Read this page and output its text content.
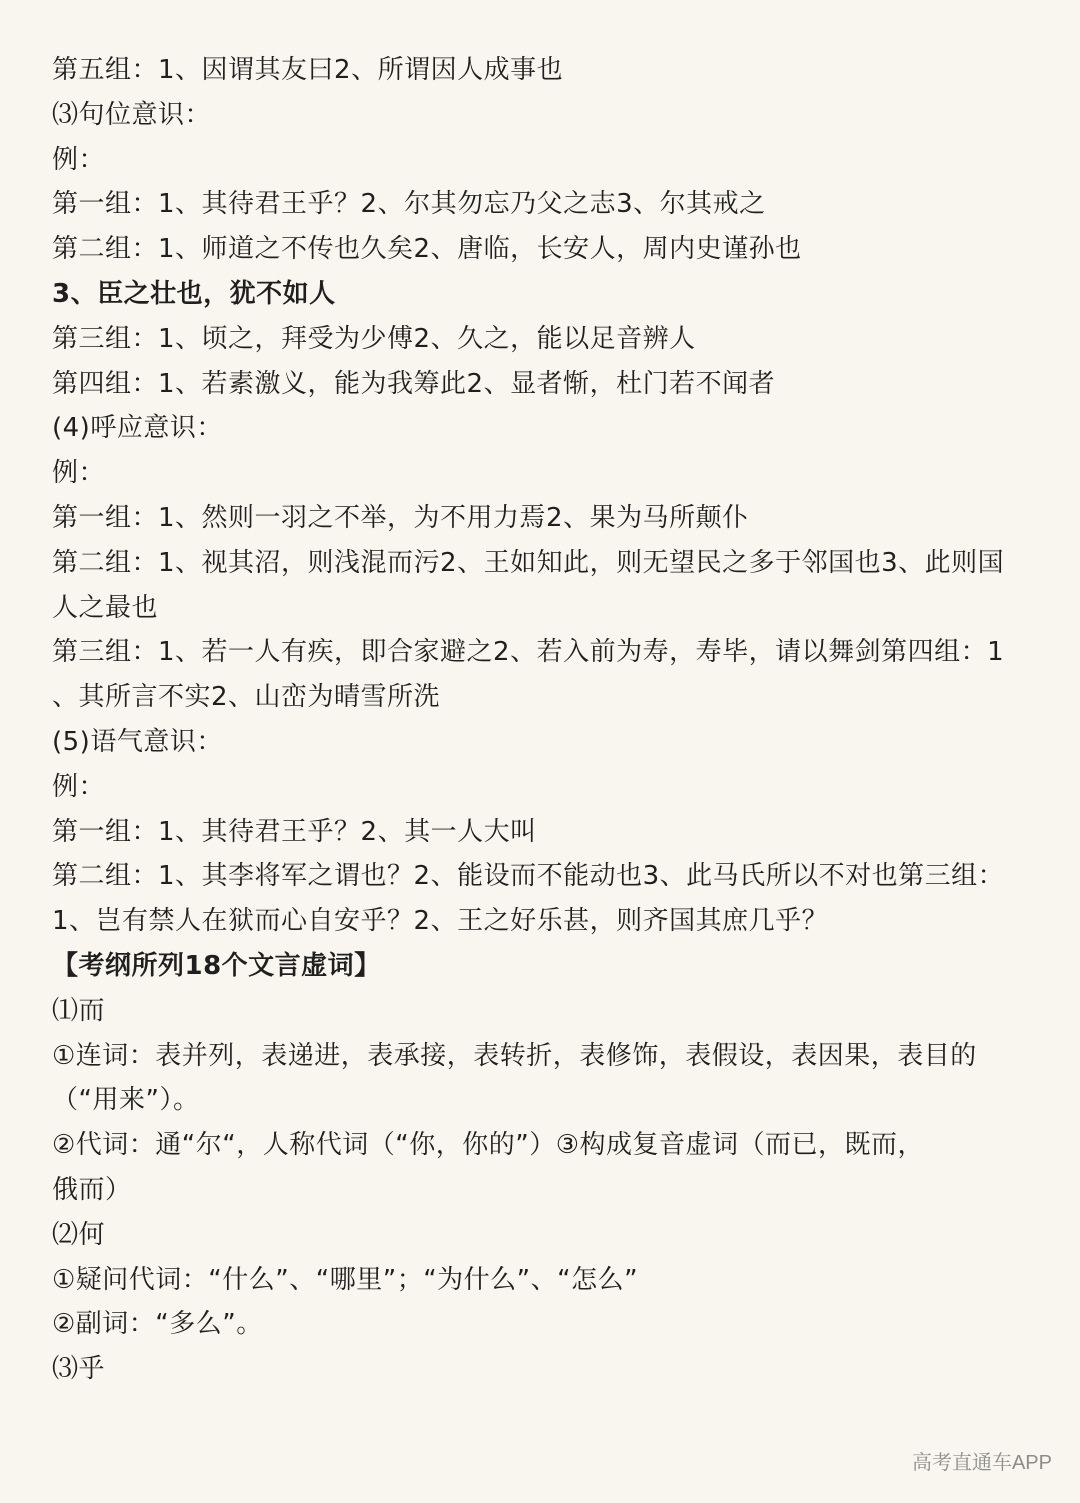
第五组：1、因谓其友曰2、所谓因人成事也

⑶句位意识：

例：

第一组：1、其待君王乎？2、尔其勿忘乃父之志3、尔其戒之

第二组：1、师道之不传也久矣2、唐临，长安人，周内史谨孙也

3、臣之壮也，犹不如人

第三组：1、顷之，拜受为少傅2、久之，能以足音辨人

第四组：1、若素激义，能为我筹此2、显者惭，杜门若不闻者

(4)呼应意识：

例：

第一组：1、然则一羽之不举，为不用力焉2、果为马所颠仆

第二组：1、视其沼，则浅混而污2、王如知此，则无望民之多于邻国也3、此则国

人之最也

第三组：1、若一人有疾，即合家避之2、若入前为寿，寿毕，请以舞剑第四组：1

、其所言不实2、山峦为晴雪所洗

(5)语气意识：

例：

第一组：1、其待君王乎？2、其一人大叫

第二组：1、其李将军之谓也？2、能设而不能动也3、此马氏所以不对也第三组：

1、岂有禁人在狱而心自安乎？2、王之好乐甚，则齐国其庶几乎？

【考纲所列18个文言虚词】

⑴而

①连词：表并列，表递进，表承接，表转折，表修饰，表假设，表因果，表目的

（“用来”）。

②代词：通“尔“，人称代词（“你，你的”）③构成复音虚词（而已，既而，

俄而）

⑵何

①疑问代词：“什么”、“哪里”；“为什么”、“怎么”

②副词：“多么”。

⑶乎

高考直通车APP
